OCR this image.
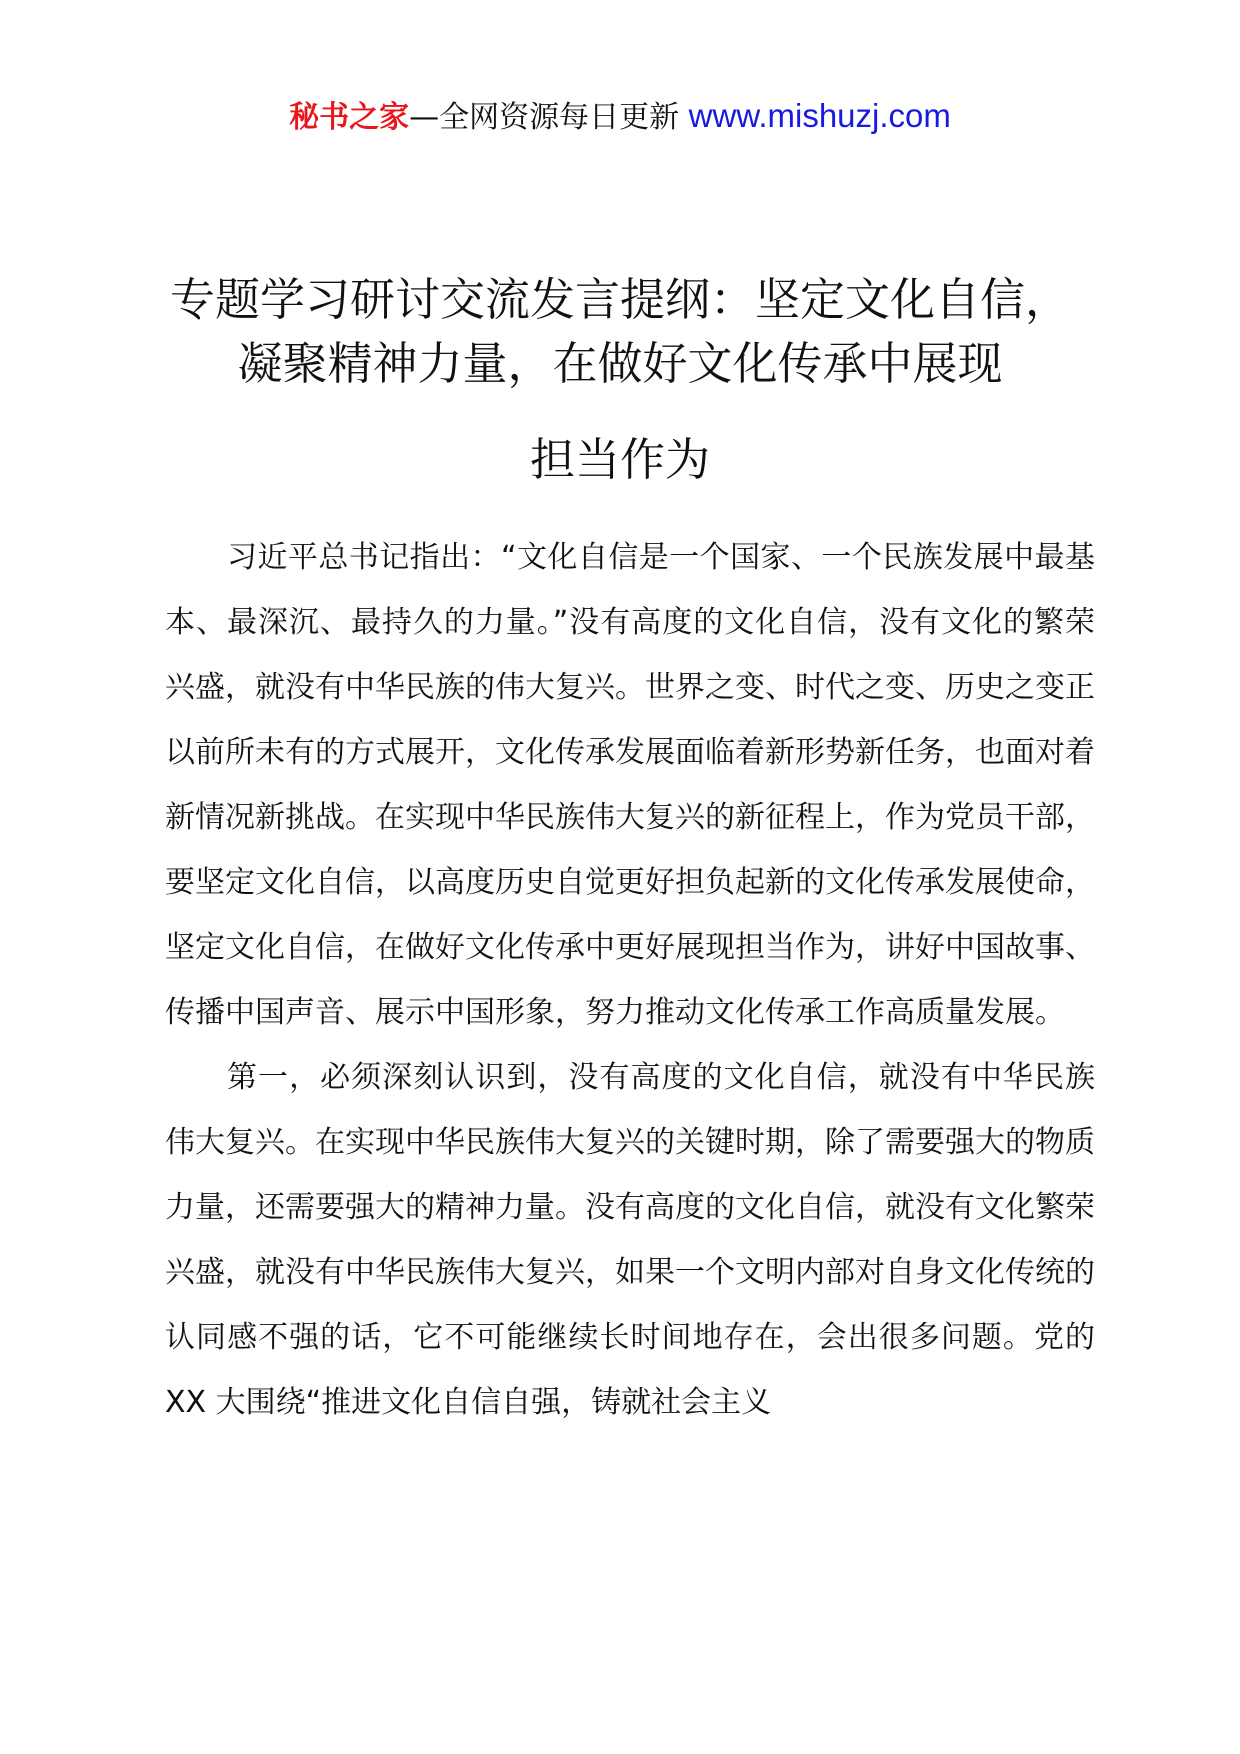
秘书之家—全网资源每日更新 www.mishuzj.com
专题学习研讨交流发言提纲：坚定文化自信，
凝聚精神力量，在做好文化传承中展现
担当作为

习近平总书记指出：“文化自信是一个国家、一个民族发展中最基本、最深沉、最持久的力量。”没有高度的文化自信，没有文化的繁荣兴盛，就没有中华民族的伟大复兴。世界之变、时代之变、历史之变正以前所未有的方式展开，文化传承发展面临着新形势新任务，也面对着新情况新挑战。在实现中华民族伟大复兴的新征程上，作为党员干部，要坚定文化自信，以高度历史自觉更好担负起新的文化传承发展使命，坚定文化自信，在做好文化传承中更好展现担当作为，讲好中国故事、传播中国声音、展示中国形象，努力推动文化传承工作高质量发展。

第一，必须深刻认识到，没有高度的文化自信，就没有中华民族伟大复兴。在实现中华民族伟大复兴的关键时期，除了需要强大的物质力量，还需要强大的精神力量。没有高度的文化自信，就没有文化繁荣兴盛，就没有中华民族伟大复兴，如果一个文明内部对自身文化传统的认同感不强的话，它不可能继续长时间地存在，会出很多问题。党的 XX 大围绕“推进文化自信自强，铸就社会主义
